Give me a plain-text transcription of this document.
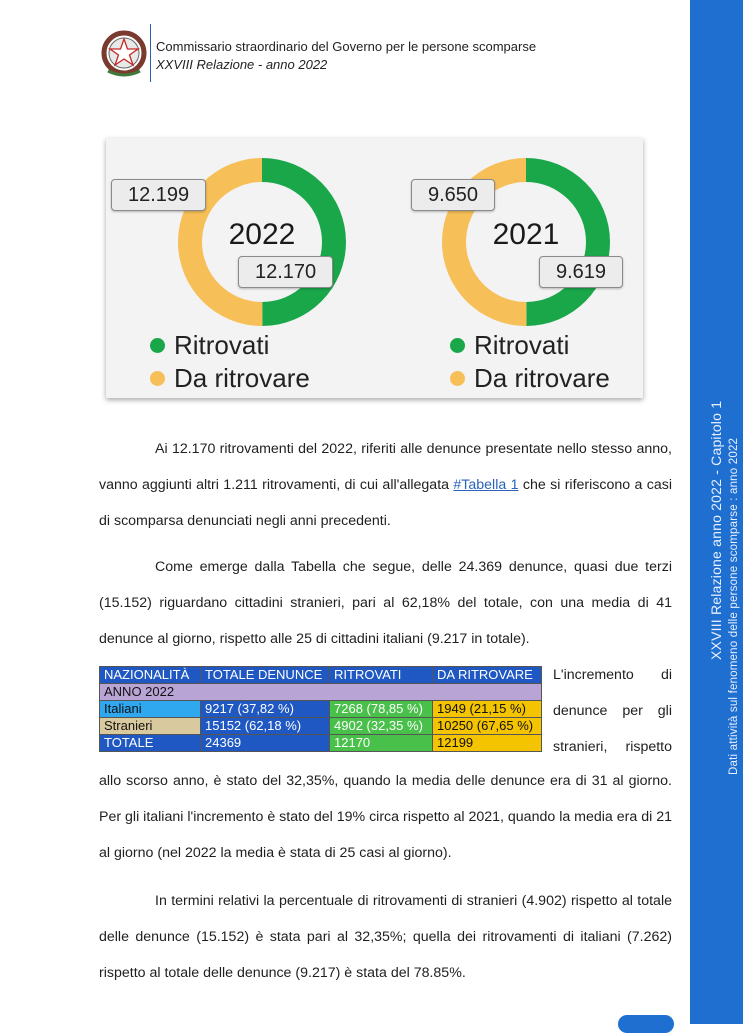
Commissario straordinario del Governo per le persone scomparse
XXVIII Relazione - anno 2022
2022	2021
12.199
12.170
9.650
9.619
Ritrovati
Da ritrovare
Ritrovati
Da ritrovare

Ai 12.170 ritrovamenti del 2022, riferiti alle denunce presentate nello stesso anno, vanno aggiunti altri 1.211 ritrovamenti, di cui all'allegata #Tabella 1 che si riferiscono a casi di scomparsa denunciati negli anni precedenti.

Come emerge dalla Tabella che segue, delle 24.369 denunce, quasi due terzi (15.152) riguardano cittadini stranieri, pari al 62,18% del totale, con una media di 41 denunce al giorno, rispetto alle 25 di cittadini italiani (9.217 in totale).

NAZIONALITÀ	TOTALE DENUNCE	RITROVATI	DA RITROVARE
ANNO 2022			
Italiani	9217 (37,82 %)	7268 (78,85 %)	1949 (21,15 %)
Stranieri	15152 (62,18 %)	4902 (32,35 %)	10250 (67,65 %)
TOTALE	24369	12170	12199
L'incremento di
denunce per gli
stranieri, rispetto

allo scorso anno, è stato del 32,35%, quando la media delle denunce era di 31 al giorno. Per gli italiani l'incremento è stato del 19% circa rispetto al 2021, quando la media era di 21 al giorno (nel 2022 la media è stata di 25 casi al giorno).

In termini relativi la percentuale di ritrovamenti di stranieri (4.902) rispetto al totale delle denunce (15.152) è stata pari al 32,35%; quella dei ritrovamenti di italiani (7.262) rispetto al totale delle denunce (9.217) è stata del 78.85%.

XXVIII Relazione anno 2022 - Capitolo 1 Dati attività sul fenomeno delle persone scomparse : anno 2022
